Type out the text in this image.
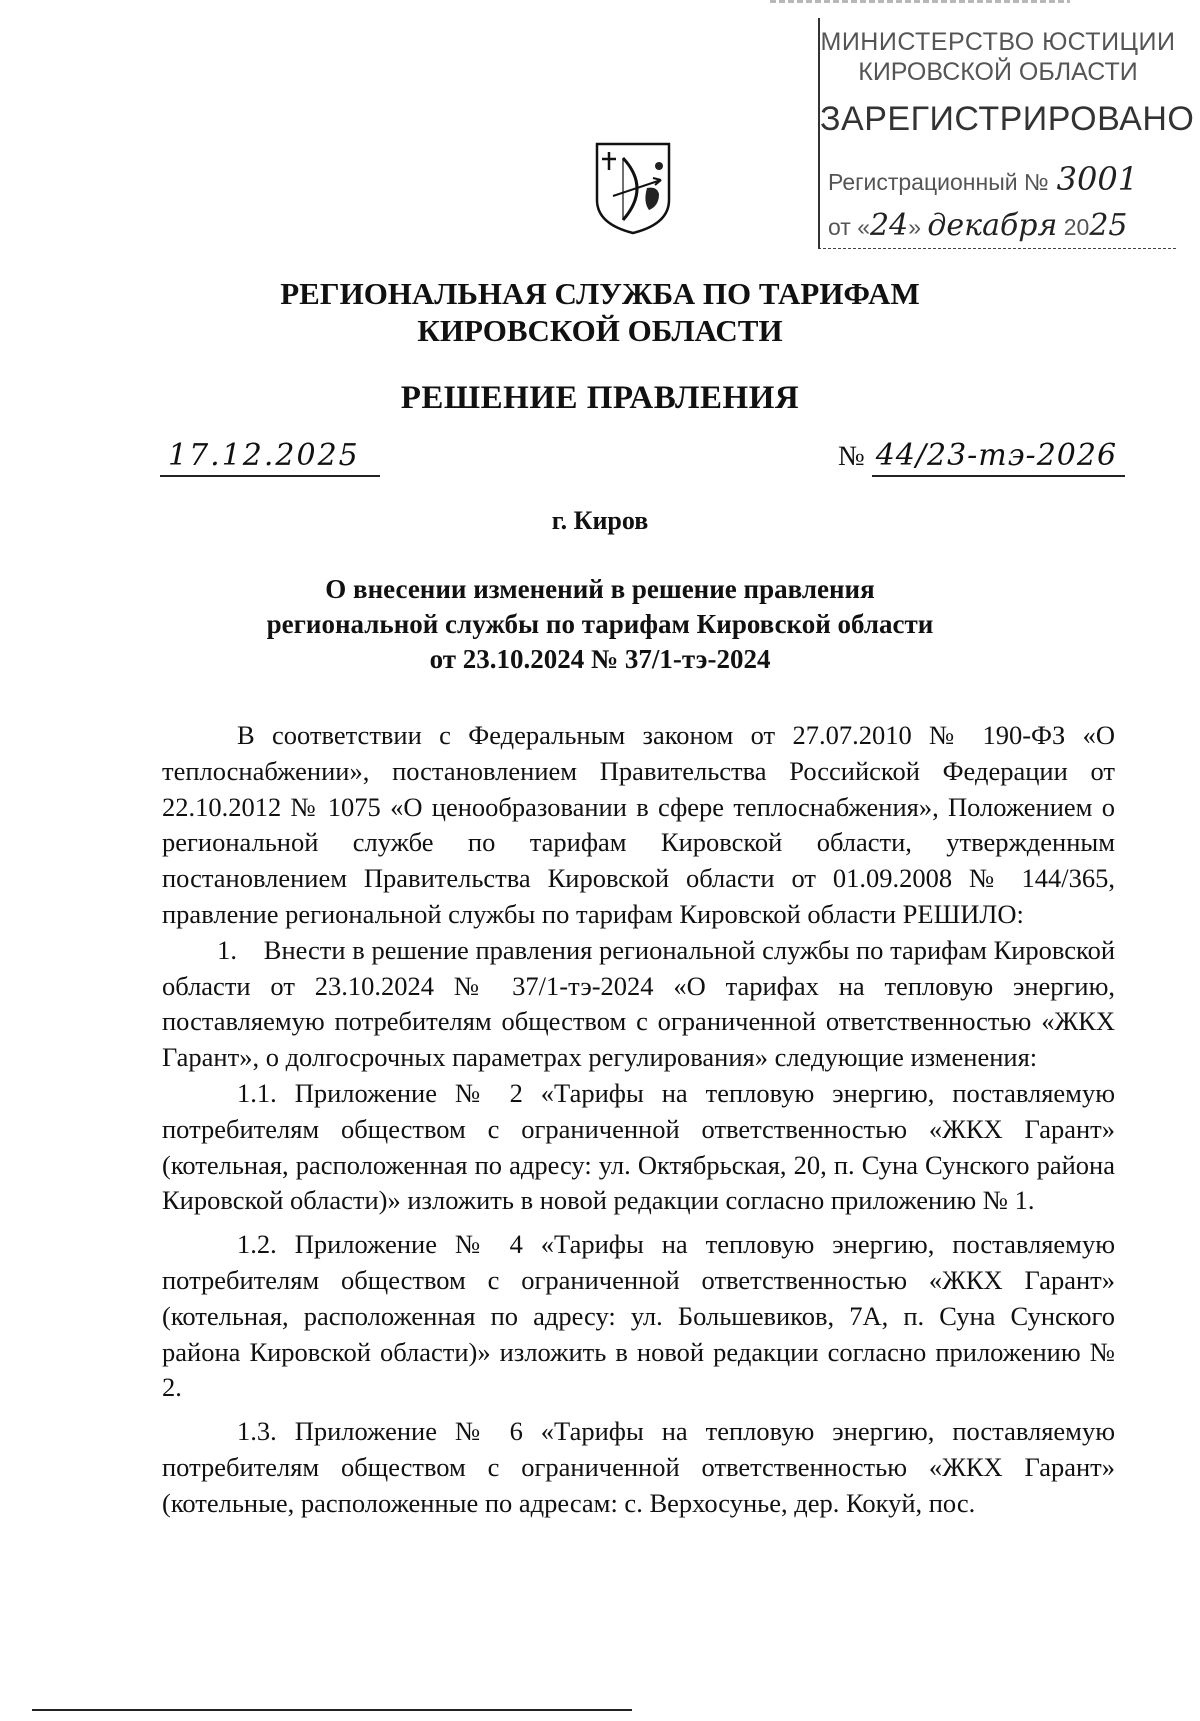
МИНИСТЕРСТВО ЮСТИЦИИ
КИРОВСКОЙ ОБЛАСТИ
ЗАРЕГИСТРИРОВАНО
Регистрационный № 3001
от «24» декабря 2025
РЕГИОНАЛЬНАЯ СЛУЖБА ПО ТАРИФАМ
КИРОВСКОЙ ОБЛАСТИ
РЕШЕНИЕ ПРАВЛЕНИЯ
17.12.2025	№ 44/23-тэ-2026
г. Киров
О внесении изменений в решение правления
региональной службы по тарифам Кировской области
от 23.10.2024 № 37/1-тэ-2024

В соответствии с Федеральным законом от 27.07.2010 № 190-ФЗ «О теплоснабжении», постановлением Правительства Российской Федерации от 22.10.2012 № 1075 «О ценообразовании в сфере теплоснабжения», Положением о региональной службе по тарифам Кировской области, утвержденным постановлением Правительства Кировской области от 01.09.2008 № 144/365, правление региональной службы по тарифам Кировской области РЕШИЛО:

1. Внести в решение правления региональной службы по тарифам Кировской области от 23.10.2024 № 37/1-тэ-2024 «О тарифах на тепловую энергию, поставляемую потребителям обществом с ограниченной ответственностью «ЖКХ Гарант», о долгосрочных параметрах регулирования» следующие изменения:

1.1. Приложение № 2 «Тарифы на тепловую энергию, поставляемую потребителям обществом с ограниченной ответственностью «ЖКХ Гарант» (котельная, расположенная по адресу: ул. Октябрьская, 20, п. Суна Сунского района Кировской области)» изложить в новой редакции согласно приложению № 1.

1.2. Приложение № 4 «Тарифы на тепловую энергию, поставляемую потребителям обществом с ограниченной ответственностью «ЖКХ Гарант» (котельная, расположенная по адресу: ул. Большевиков, 7А, п. Суна Сунского района Кировской области)» изложить в новой редакции согласно приложению № 2.

1.3. Приложение № 6 «Тарифы на тепловую энергию, поставляемую потребителям обществом с ограниченной ответственностью «ЖКХ Гарант» (котельные, расположенные по адресам: с. Верхосунье, дер. Кокуй, пос.
